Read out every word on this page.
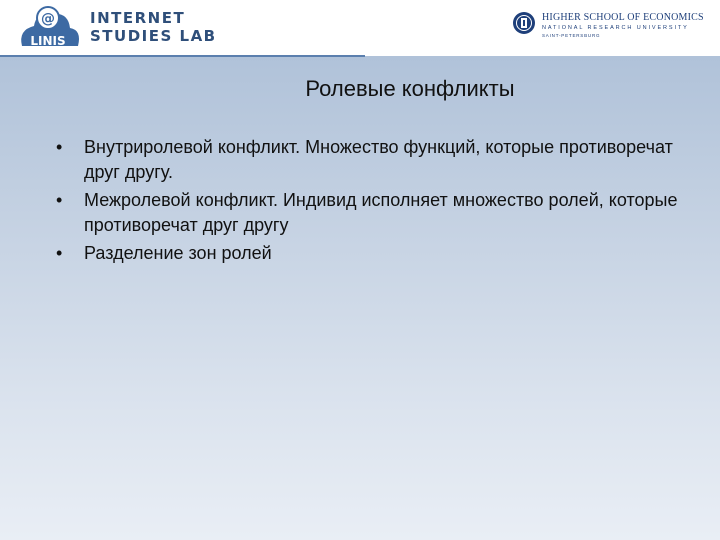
@
LINIS
INTERNET
STUDIES LAB
HIGHER SCHOOL OF ECONOMICS
NATIONAL RESEARCH UNIVERSITY
SAINT-PETERSBURG
Ролевые конфликты
• Внутриролевой конфликт. Множество функций, которые противоречат друг другу.
• Межролевой конфликт. Индивид исполняет множество ролей, которые противоречат друг другу
• Разделение зон ролей
